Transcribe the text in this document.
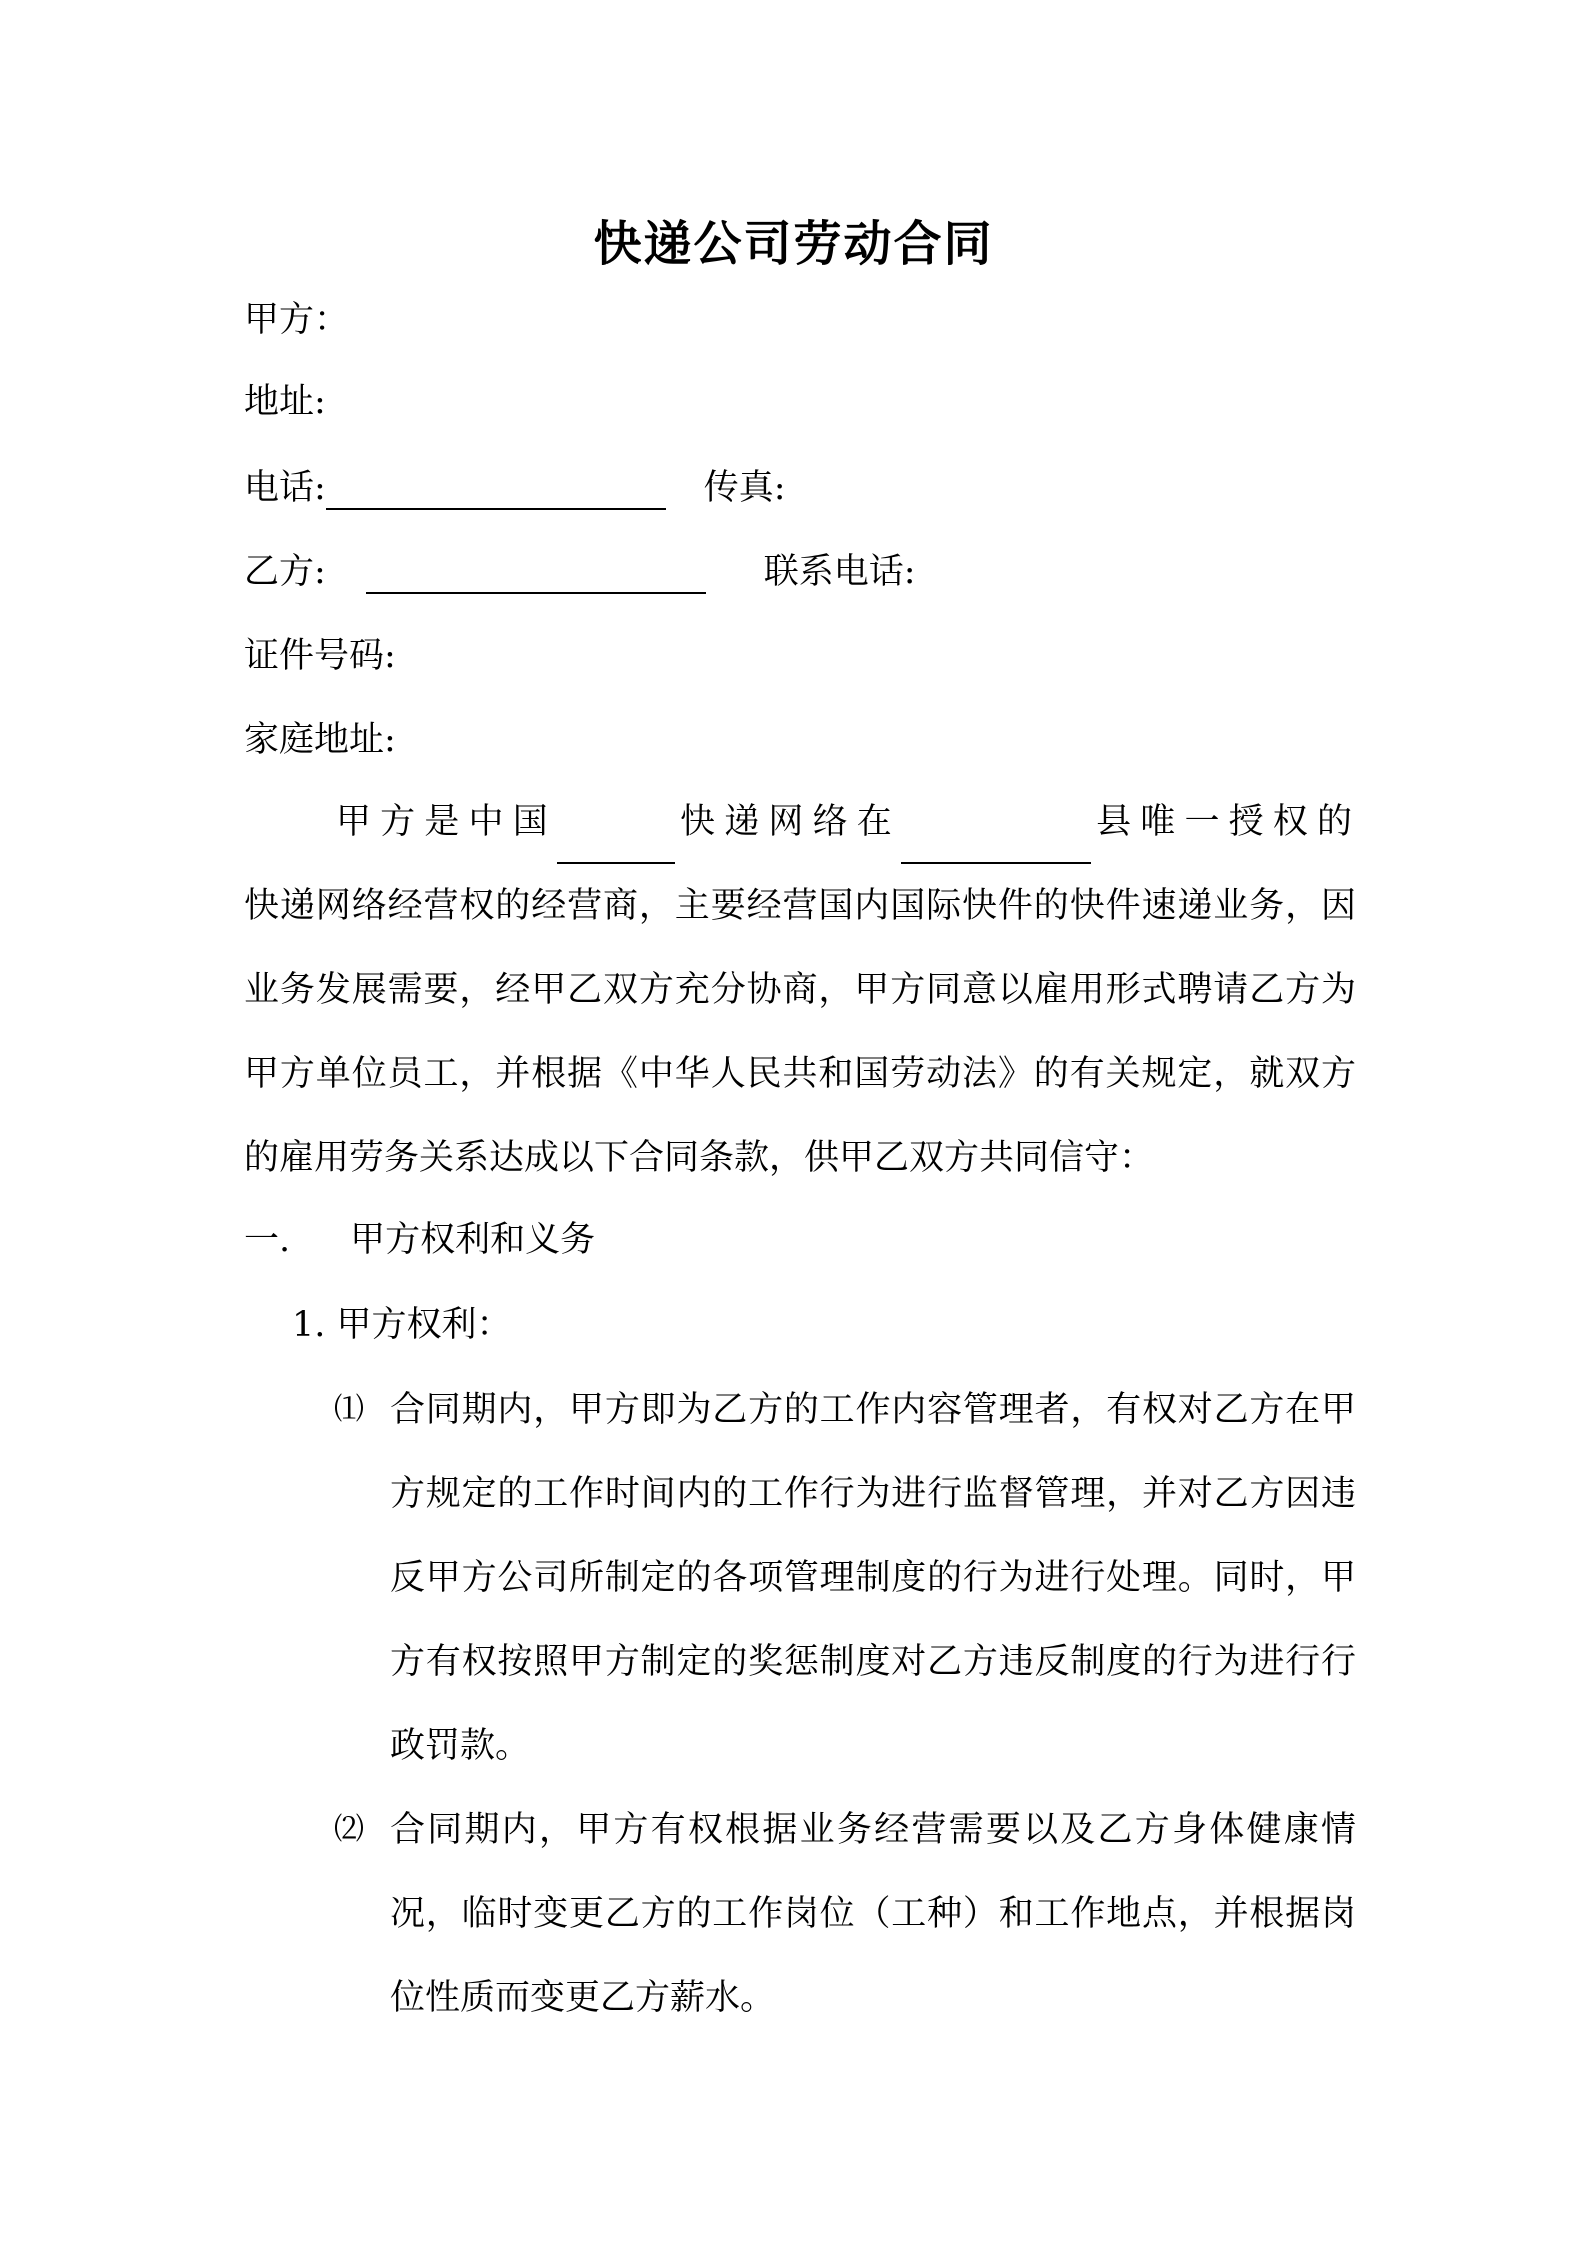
快递公司劳动合同
甲方：
地址:
电话:	传真:
乙方:	联系电话:
证件号码:
家庭地址:

甲方是中国	快递网络在	县唯一授权的

快递网络经营权的经营商，主要经营国内国际快件的快件速递业务，因业务发展需要，经甲乙双方充分协商，甲方同意以雇用形式聘请乙方为甲方单位员工，并根据《中华人民共和国劳动法》的有关规定，就双方的雇用劳务关系达成以下合同条款，供甲乙双方共同信守：

一. 甲方权利和义务
1. 甲方权利：
⑴ 合同期内，甲方即为乙方的工作内容管理者，有权对乙方在甲方规定的工作时间内的工作行为进行监督管理，并对乙方因违反甲方公司所制定的各项管理制度的行为进行处理。同时，甲方有权按照甲方制定的奖惩制度对乙方违反制度的行为进行行政罚款。
⑵ 合同期内，甲方有权根据业务经营需要以及乙方身体健康情况，临时变更乙方的工作岗位（工种）和工作地点，并根据岗位性质而变更乙方薪水。
